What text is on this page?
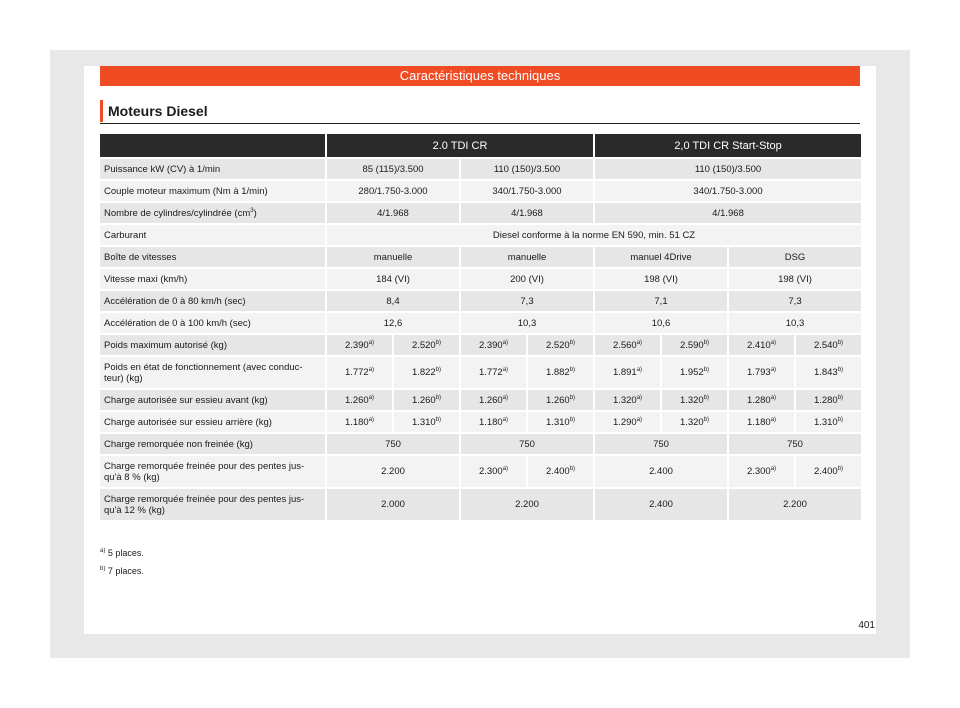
Caractéristiques techniques
Moteurs Diesel
	2.0 TDI CR				2,0 TDI CR Start-Stop			
Puissance kW (CV) à 1/min	85 (115)/3.500		110 (150)/3.500		110 (150)/3.500			
Couple moteur maximum (Nm à 1/min)	280/1.750-3.000		340/1.750-3.000		340/1.750-3.000			
Nombre de cylindres/cylindrée $(cm^3)$	4/1.968		4/1.968		4/1.968			
Carburant	Diesel conforme à la norme EN 590, min. 51 CZ							
Boîte de vitesses	manuelle		manuelle		manuel 4Drive		DSG	
Vitesse maxi (km/h)	184 (VI)		200 (VI)		198 (VI)		198 (VI)	
Accélération de 0 à 80 km/h (sec)	8,4		7,3		7,1		7,3	
Accélération de 0 à 100 km/h (sec)	12,6		10,3		10,6		10,3	
Poids maximum autorisé (kg)	2.390$^{a)}$	2.520$^{b)}$	2.390$^{a)}$	2.520$^{b)}$	2.560$^{a)}$	2.590$^{b)}$	2.410$^{a)}$	2.540$^{b)}$
Poids en état de fonctionnement (avec conduc-
teur) (kg)	1.772$^{a)}$	1.822$^{b)}$	1.772$^{a)}$	1.882$^{b)}$	1.891$^{a)}$	1.952$^{b)}$	1.793$^{a)}$	1.843$^{b)}$
Charge autorisée sur essieu avant (kg)	1.260$^{a)}$	1.260$^{b)}$	1.260$^{a)}$	1.260$^{b)}$	1.320$^{a)}$	1.320$^{b)}$	1.280$^{a)}$	1.280$^{b)}$
Charge autorisée sur essieu arrière (kg)	1.180$^{a)}$	1.310$^{b)}$	1.180$^{a)}$	1.310$^{b)}$	1.290$^{a)}$	1.320$^{b)}$	1.180$^{a)}$	1.310$^{b)}$
Charge remorquée non freinée (kg)	750		750		750		750	
Charge remorquée freinée pour des pentes jus-
qu'à 8 % (kg)	2.200		2.300$^{a)}$	2.400$^{b)}$	2.400		2.300$^{a)}$	2.400$^{b)}$
Charge remorquée freinée pour des pentes jus-
qu'à 12 % (kg)	2.000		2.200		2.400		2.200	
$^{a)}$ 5 places.
$^{b)}$ 7 places.
401
